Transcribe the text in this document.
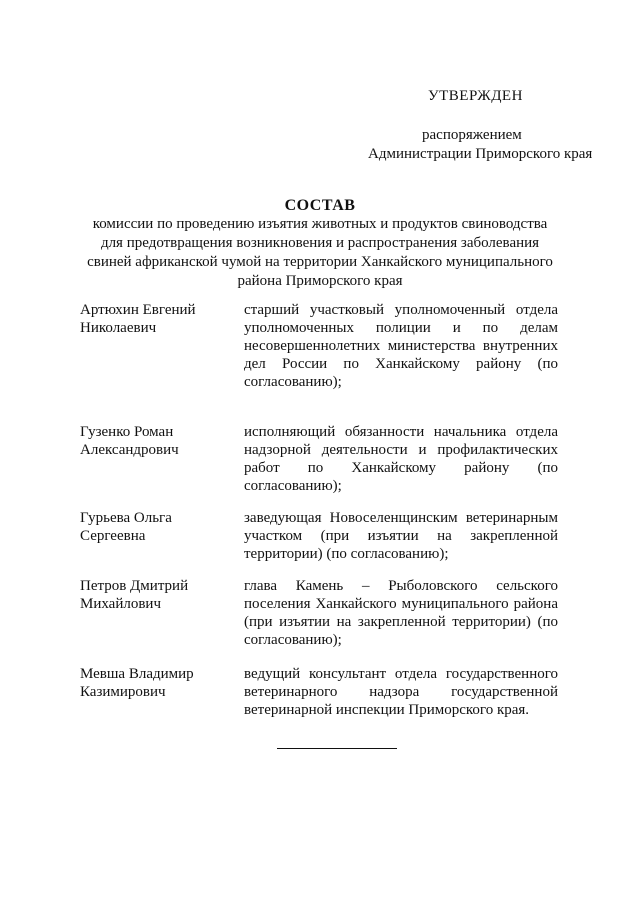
УТВЕРЖДЕН
распоряжением
Администрации Приморского края
СОСТАВ
комиссии по проведению изъятия животных и продуктов свиноводства для предотвращения возникновения и распространения заболевания свиней африканской чумой на территории Ханкайского муниципального района Приморского края
Артюхин Евгений Николаевич
старший участковый уполномоченный отдела уполномоченных полиции и по делам несовершеннолетних министерства внутренних дел России по Ханкайскому району (по согласованию);
Гузенко Роман Александрович
исполняющий обязанности начальника отдела надзорной деятельности и профилактических работ по Ханкайскому району (по согласованию);
Гурьева Ольга Сергеевна
заведующая Новоселенщинским ветеринарным участком (при изъятии на закрепленной территории) (по согласованию);
Петров Дмитрий Михайлович
глава Камень – Рыболовского сельского поселения Ханкайского муниципального района (при изъятии на закрепленной территории) (по согласованию);
Мевша Владимир Казимирович
ведущий консультант отдела государственного ветеринарного надзора государственной ветеринарной инспекции Приморского края.
